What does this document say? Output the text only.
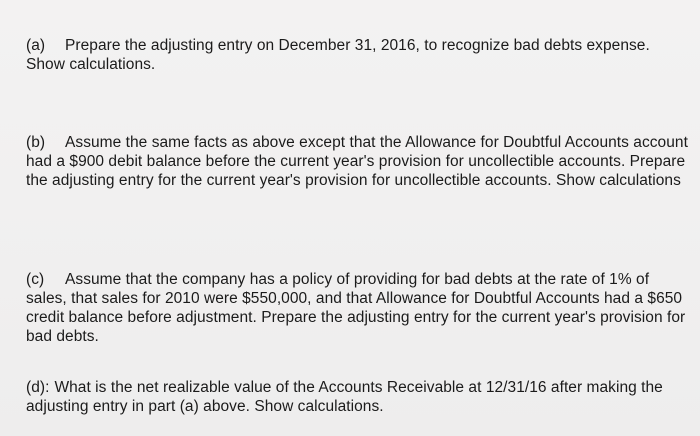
(a) Prepare the adjusting entry on December 31, 2016, to recognize bad debts expense. Show calculations.

(b) Assume the same facts as above except that the Allowance for Doubtful Accounts account had a $900 debit balance before the current year's provision for uncollectible accounts. Prepare the adjusting entry for the current year's provision for uncollectible accounts. Show calculations

(c) Assume that the company has a policy of providing for bad debts at the rate of 1% of sales, that sales for 2010 were $550,000, and that Allowance for Doubtful Accounts had a $650 credit balance before adjustment. Prepare the adjusting entry for the current year's provision for bad debts.

(d): What is the net realizable value of the Accounts Receivable at 12/31/16 after making the adjusting entry in part (a) above. Show calculations.
